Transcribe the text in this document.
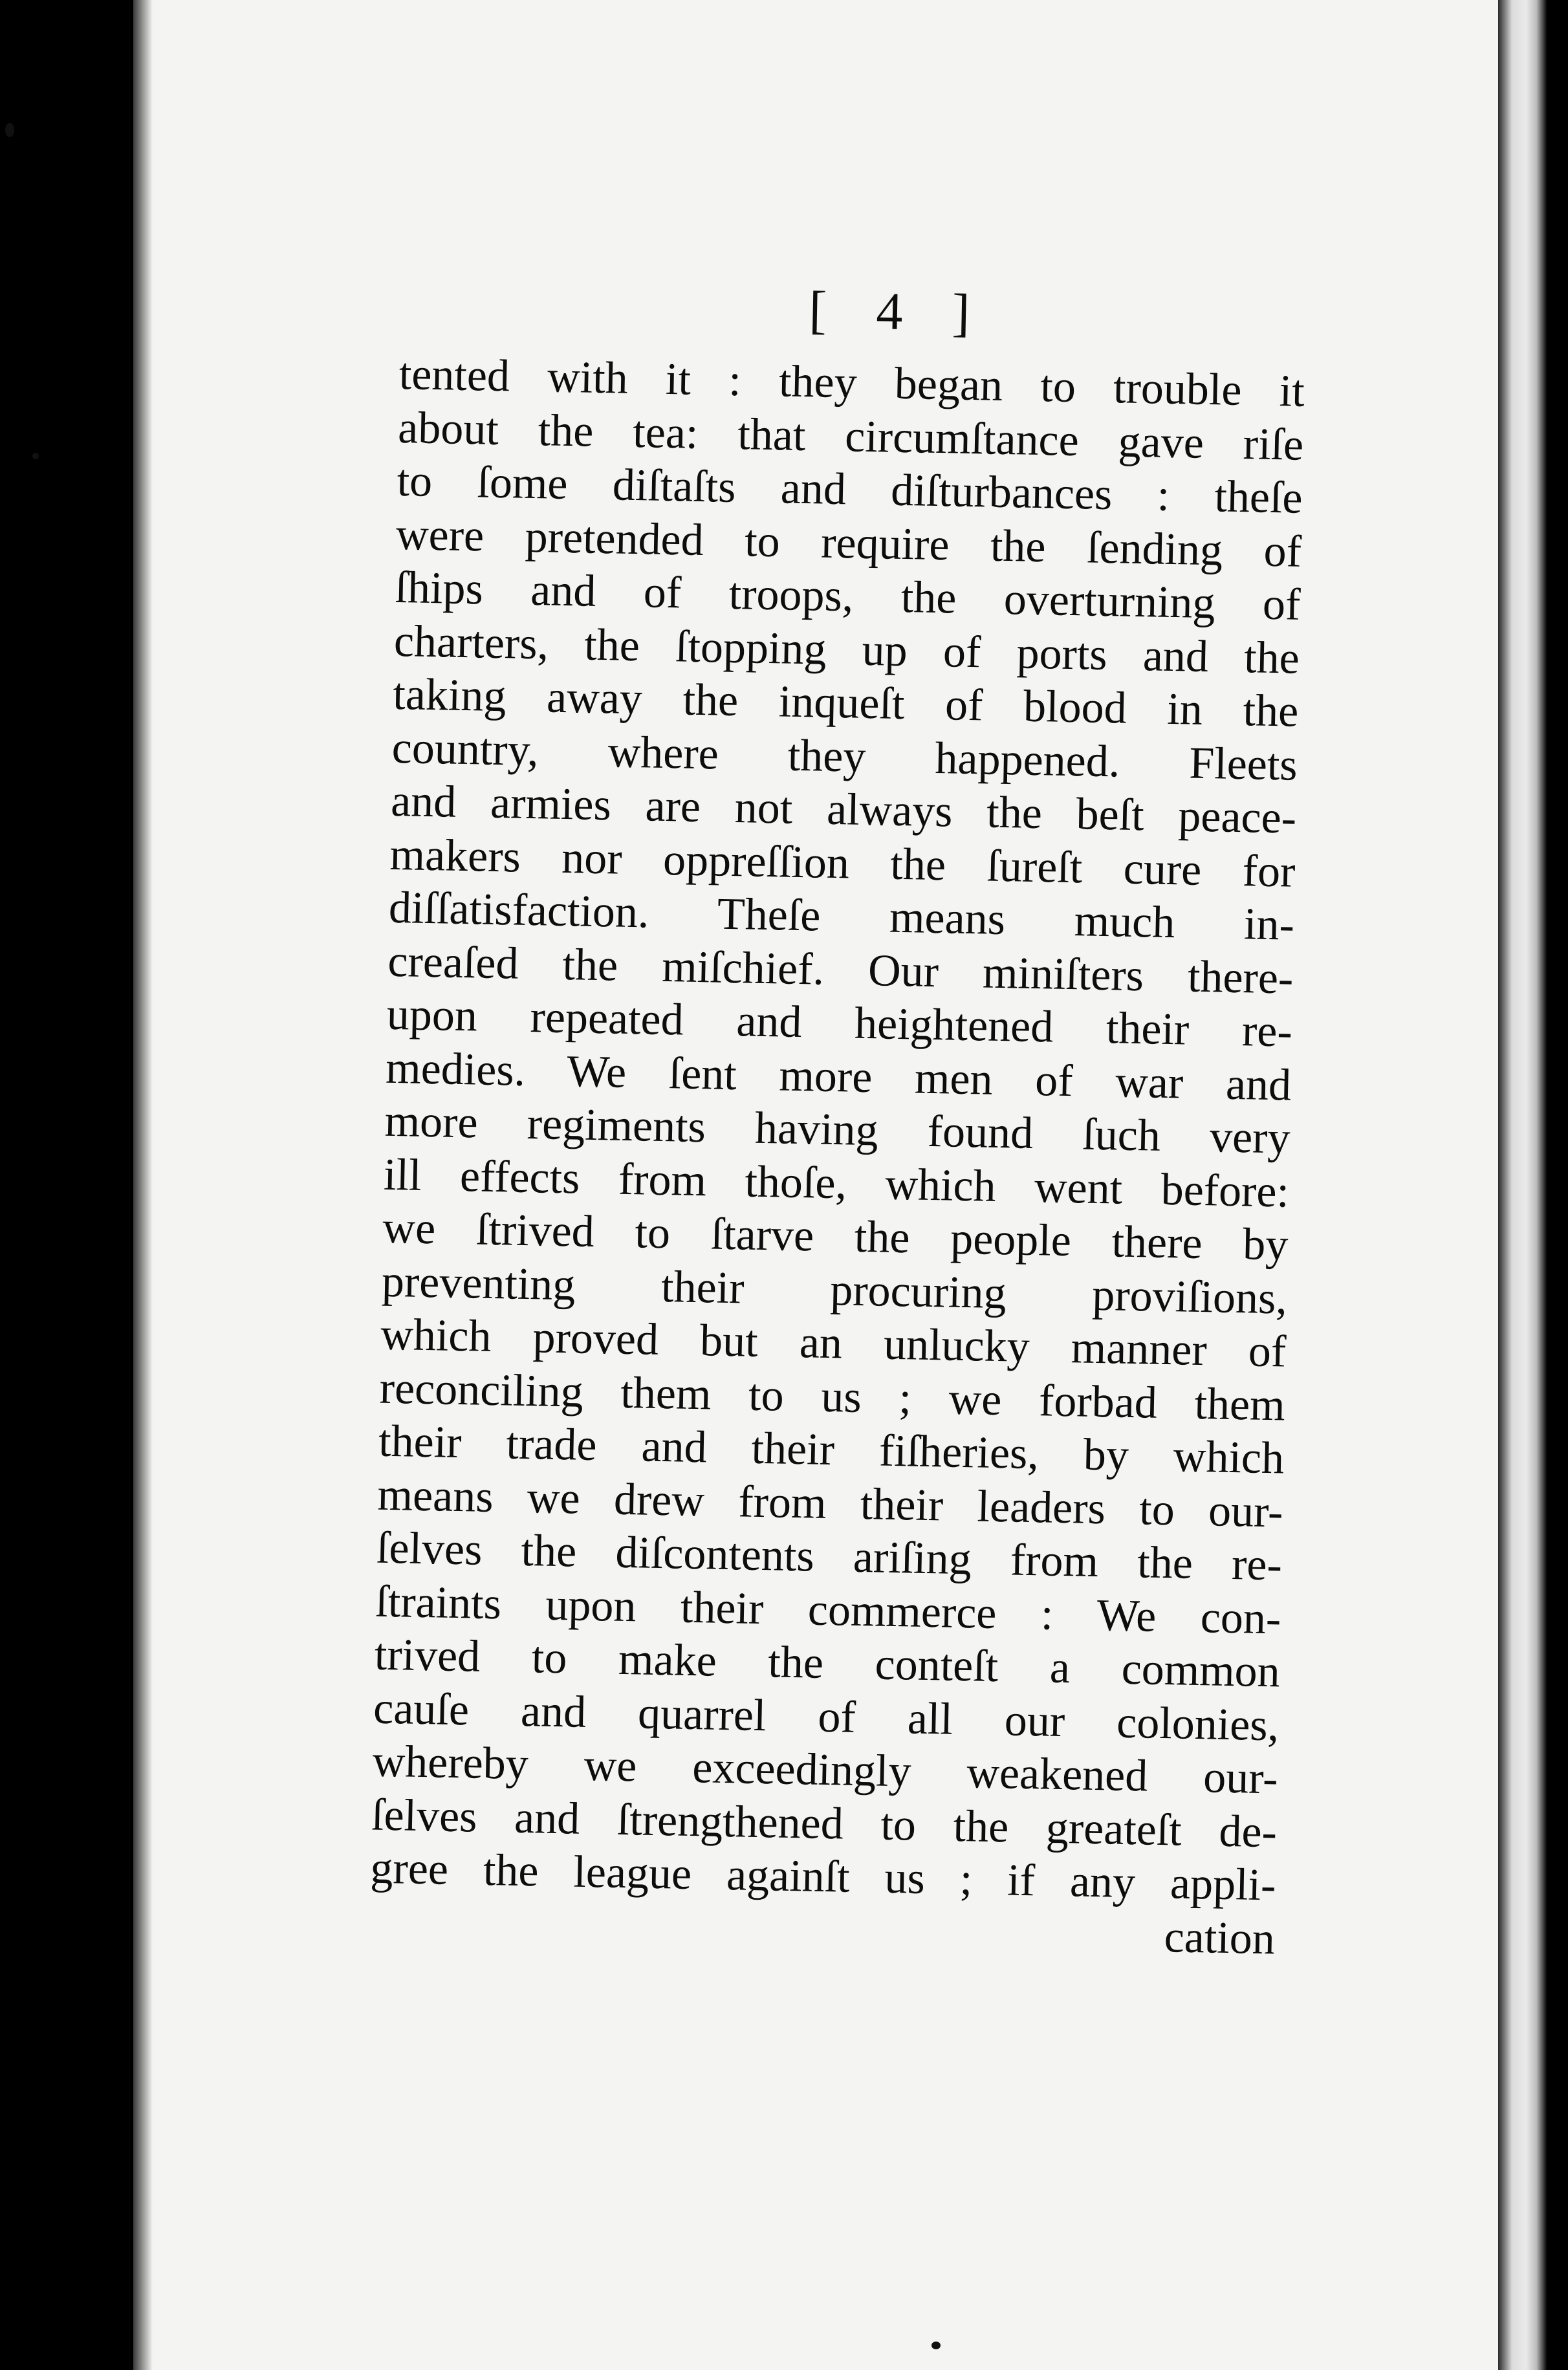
[ 4 ]
tented with it : they began to trouble it
about the tea: that circumſtance gave riſe
to ſome diſtaſts and diſturbances : theſe
were pretended to require the ſending of
ſhips and of troops, the overturning of
charters, the ſtopping up of ports and the
taking away the inqueſt of blood in the
country, where they happened. Fleets
and armies are not always the beſt peace-
makers nor oppreſſion the ſureſt cure for
diſſatisfaction. Theſe means much in-
creaſed the miſchief. Our miniſters there-
upon repeated and heightened their re-
medies. We ſent more men of war and
more regiments having found ſuch very
ill effects from thoſe, which went before:
we ſtrived to ſtarve the people there by
preventing their procuring proviſions,
which proved but an unlucky manner of
reconciling them to us ; we forbad them
their trade and their fiſheries, by which
means we drew from their leaders to our-
ſelves the diſcontents ariſing from the re-
ſtraints upon their commerce : We con-
trived to make the conteſt a common
cauſe and quarrel of all our colonies,
whereby we exceedingly weakened our-
ſelves and ſtrengthened to the greateſt de-
gree the league againſt us ; if any appli-
cation
